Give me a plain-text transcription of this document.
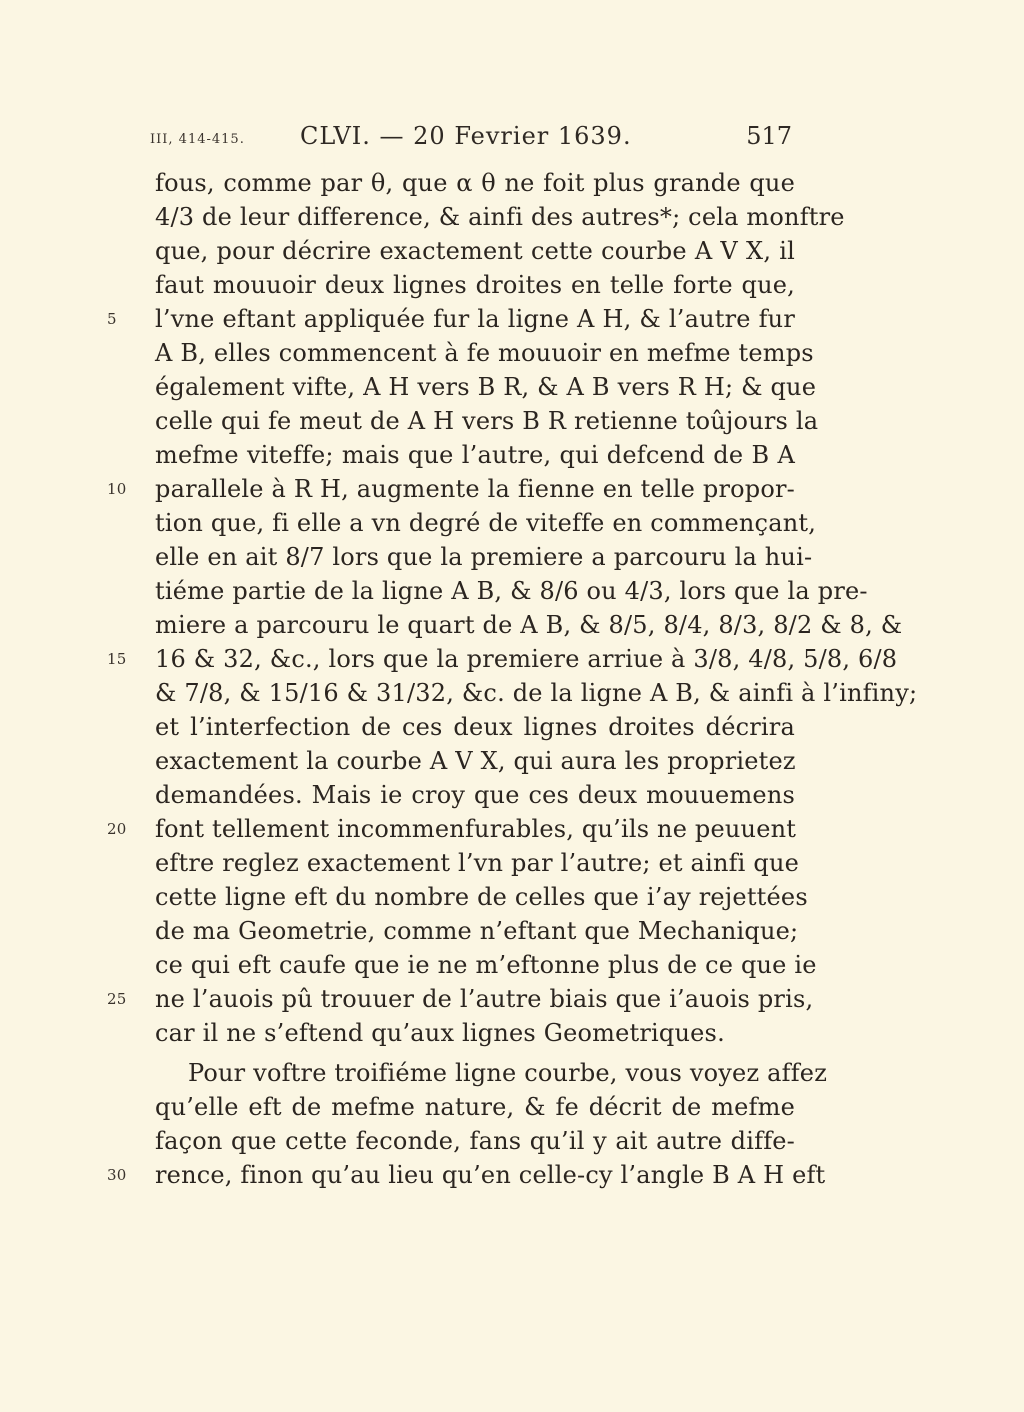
III, 414-415. CLVI. — 20 Fevrier 1639.	517
fous, comme par θ, que α θ ne foit plus grande que
4/3 de leur difference, & ainfi des autres*; cela monftre
que, pour décrire exactement cette courbe A V X, il
faut mouuoir deux lignes droites en telle forte que,
5	l’vne eftant appliquée fur la ligne A H, & l’autre fur
A B, elles commencent à fe mouuoir en mefme temps
également vifte, A H vers B R, & A B vers R H; & que
celle qui fe meut de A H vers B R retienne toûjours la
mefme viteffe; mais que l’autre, qui defcend de B A
10	parallele à R H, augmente la fienne en telle propor-
tion que, fi elle a vn degré de viteffe en commençant,
elle en ait 8/7 lors que la premiere a parcouru la hui-
tiéme partie de la ligne A B, & 8/6 ou 4/3, lors que la pre-
miere a parcouru le quart de A B, & 8/5, 8/4, 8/3, 8/2 & 8, &
15	16 & 32, &c., lors que la premiere arriue à 3/8, 4/8, 5/8, 6/8
& 7/8, & 15/16 & 31/32, &c. de la ligne A B, & ainfi à l’infiny;
et l’interfection de ces deux lignes droites décrira
exactement la courbe A V X, qui aura les proprietez
demandées. Mais ie croy que ces deux mouuemens
20	font tellement incommenfurables, qu’ils ne peuuent
eftre reglez exactement l’vn par l’autre; et ainfi que
cette ligne eft du nombre de celles que i’ay rejettées
de ma Geometrie, comme n’eftant que Mechanique;
ce qui eft caufe que ie ne m’eftonne plus de ce que ie
25	ne l’auois pû trouuer de l’autre biais que i’auois pris,
car il ne s’eftend qu’aux lignes Geometriques.
Pour voftre troifiéme ligne courbe, vous voyez affez
qu’elle eft de mefme nature, & fe décrit de mefme
façon que cette feconde, fans qu’il y ait autre diffe-
30	rence, finon qu’au lieu qu’en celle-cy l’angle B A H eft
